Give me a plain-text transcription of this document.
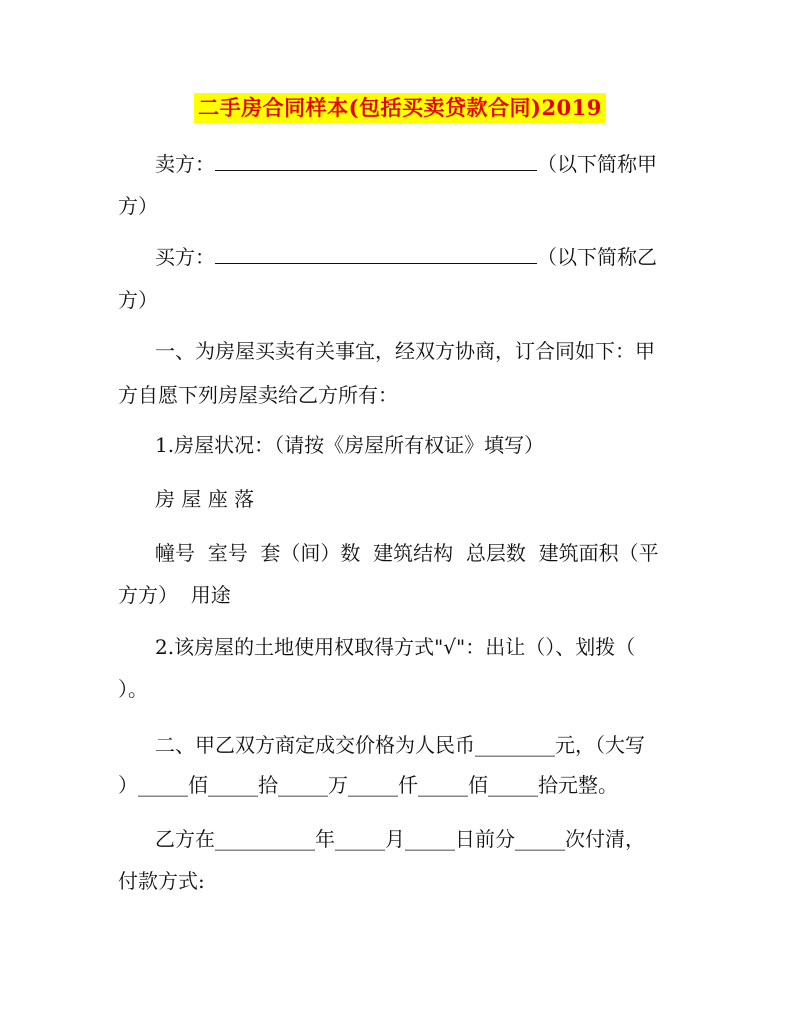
二手房合同样本(包括买卖贷款合同)2019
卖方：	（以下简称甲
方）
买方：	（以下简称乙
方）
一、为房屋买卖有关事宜，经双方协商，订合同如下：甲
方自愿下列房屋卖给乙方所有：
1.房屋状况：（请按《房屋所有权证》填写）
房 屋 座 落
幢号  室号  套（间）数  建筑结构  总层数  建筑面积（平
方方）  用途
2.该房屋的土地使用权取得方式"√"：出让（）、划拨（
）。
二、甲乙双方商定成交价格为人民币________元，（大写
）_____佰_____拾_____万_____仟_____佰_____拾元整。
乙方在__________年_____月_____日前分_____次付清，
付款方式:
